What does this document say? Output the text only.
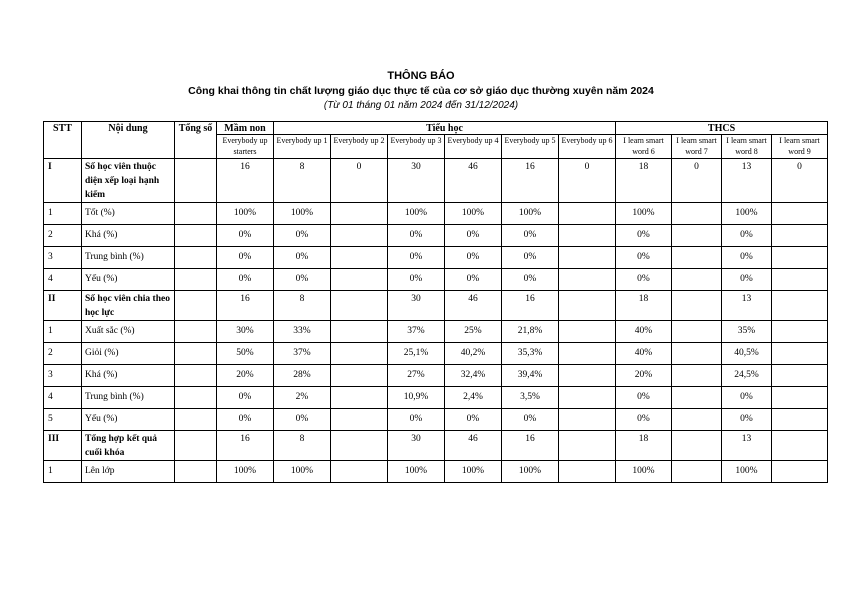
THÔNG BÁO
Công khai thông tin chất lượng giáo dục thực tế của cơ sở giáo dục thường xuyên năm 2024
(Từ 01 tháng 01 năm 2024 đến 31/12/2024)
STT	Nội dung	Tổng số	Mầm non	Tiểu học						THCS			
			Everybody up starters	Everybody up 1	Everybody up 2	Everybody up 3	Everybody up 4	Everybody up 5	Everybody up 6	I learn smart word 6	I learn smart word 7	I learn smart word 8	I learn smart word 9
I	Số học viên thuộc diện xếp loại hạnh kiểm		16	8	0	30	46	16	0	18	0	13	0
1	Tốt (%)		100%	100%		100%	100%	100%		100%		100%	
2	Khá (%)		0%	0%		0%	0%	0%		0%		0%	
3	Trung bình (%)		0%	0%		0%	0%	0%		0%		0%	
4	Yếu (%)		0%	0%		0%	0%	0%		0%		0%	
II	Số học viên chia theo học lực		16	8		30	46	16		18		13	
1	Xuất sắc (%)		30%	33%		37%	25%	21,8%		40%		35%	
2	Giỏi (%)		50%	37%		25,1%	40,2%	35,3%		40%		40,5%	
3	Khá (%)		20%	28%		27%	32,4%	39,4%		20%		24,5%	
4	Trung bình (%)		0%	2%		10,9%	2,4%	3,5%		0%		0%	
5	Yếu (%)		0%	0%		0%	0%	0%		0%		0%	
III	Tổng hợp kết quả cuối khóa		16	8		30	46	16		18		13	
1	Lên lớp		100%	100%		100%	100%	100%		100%		100%	
